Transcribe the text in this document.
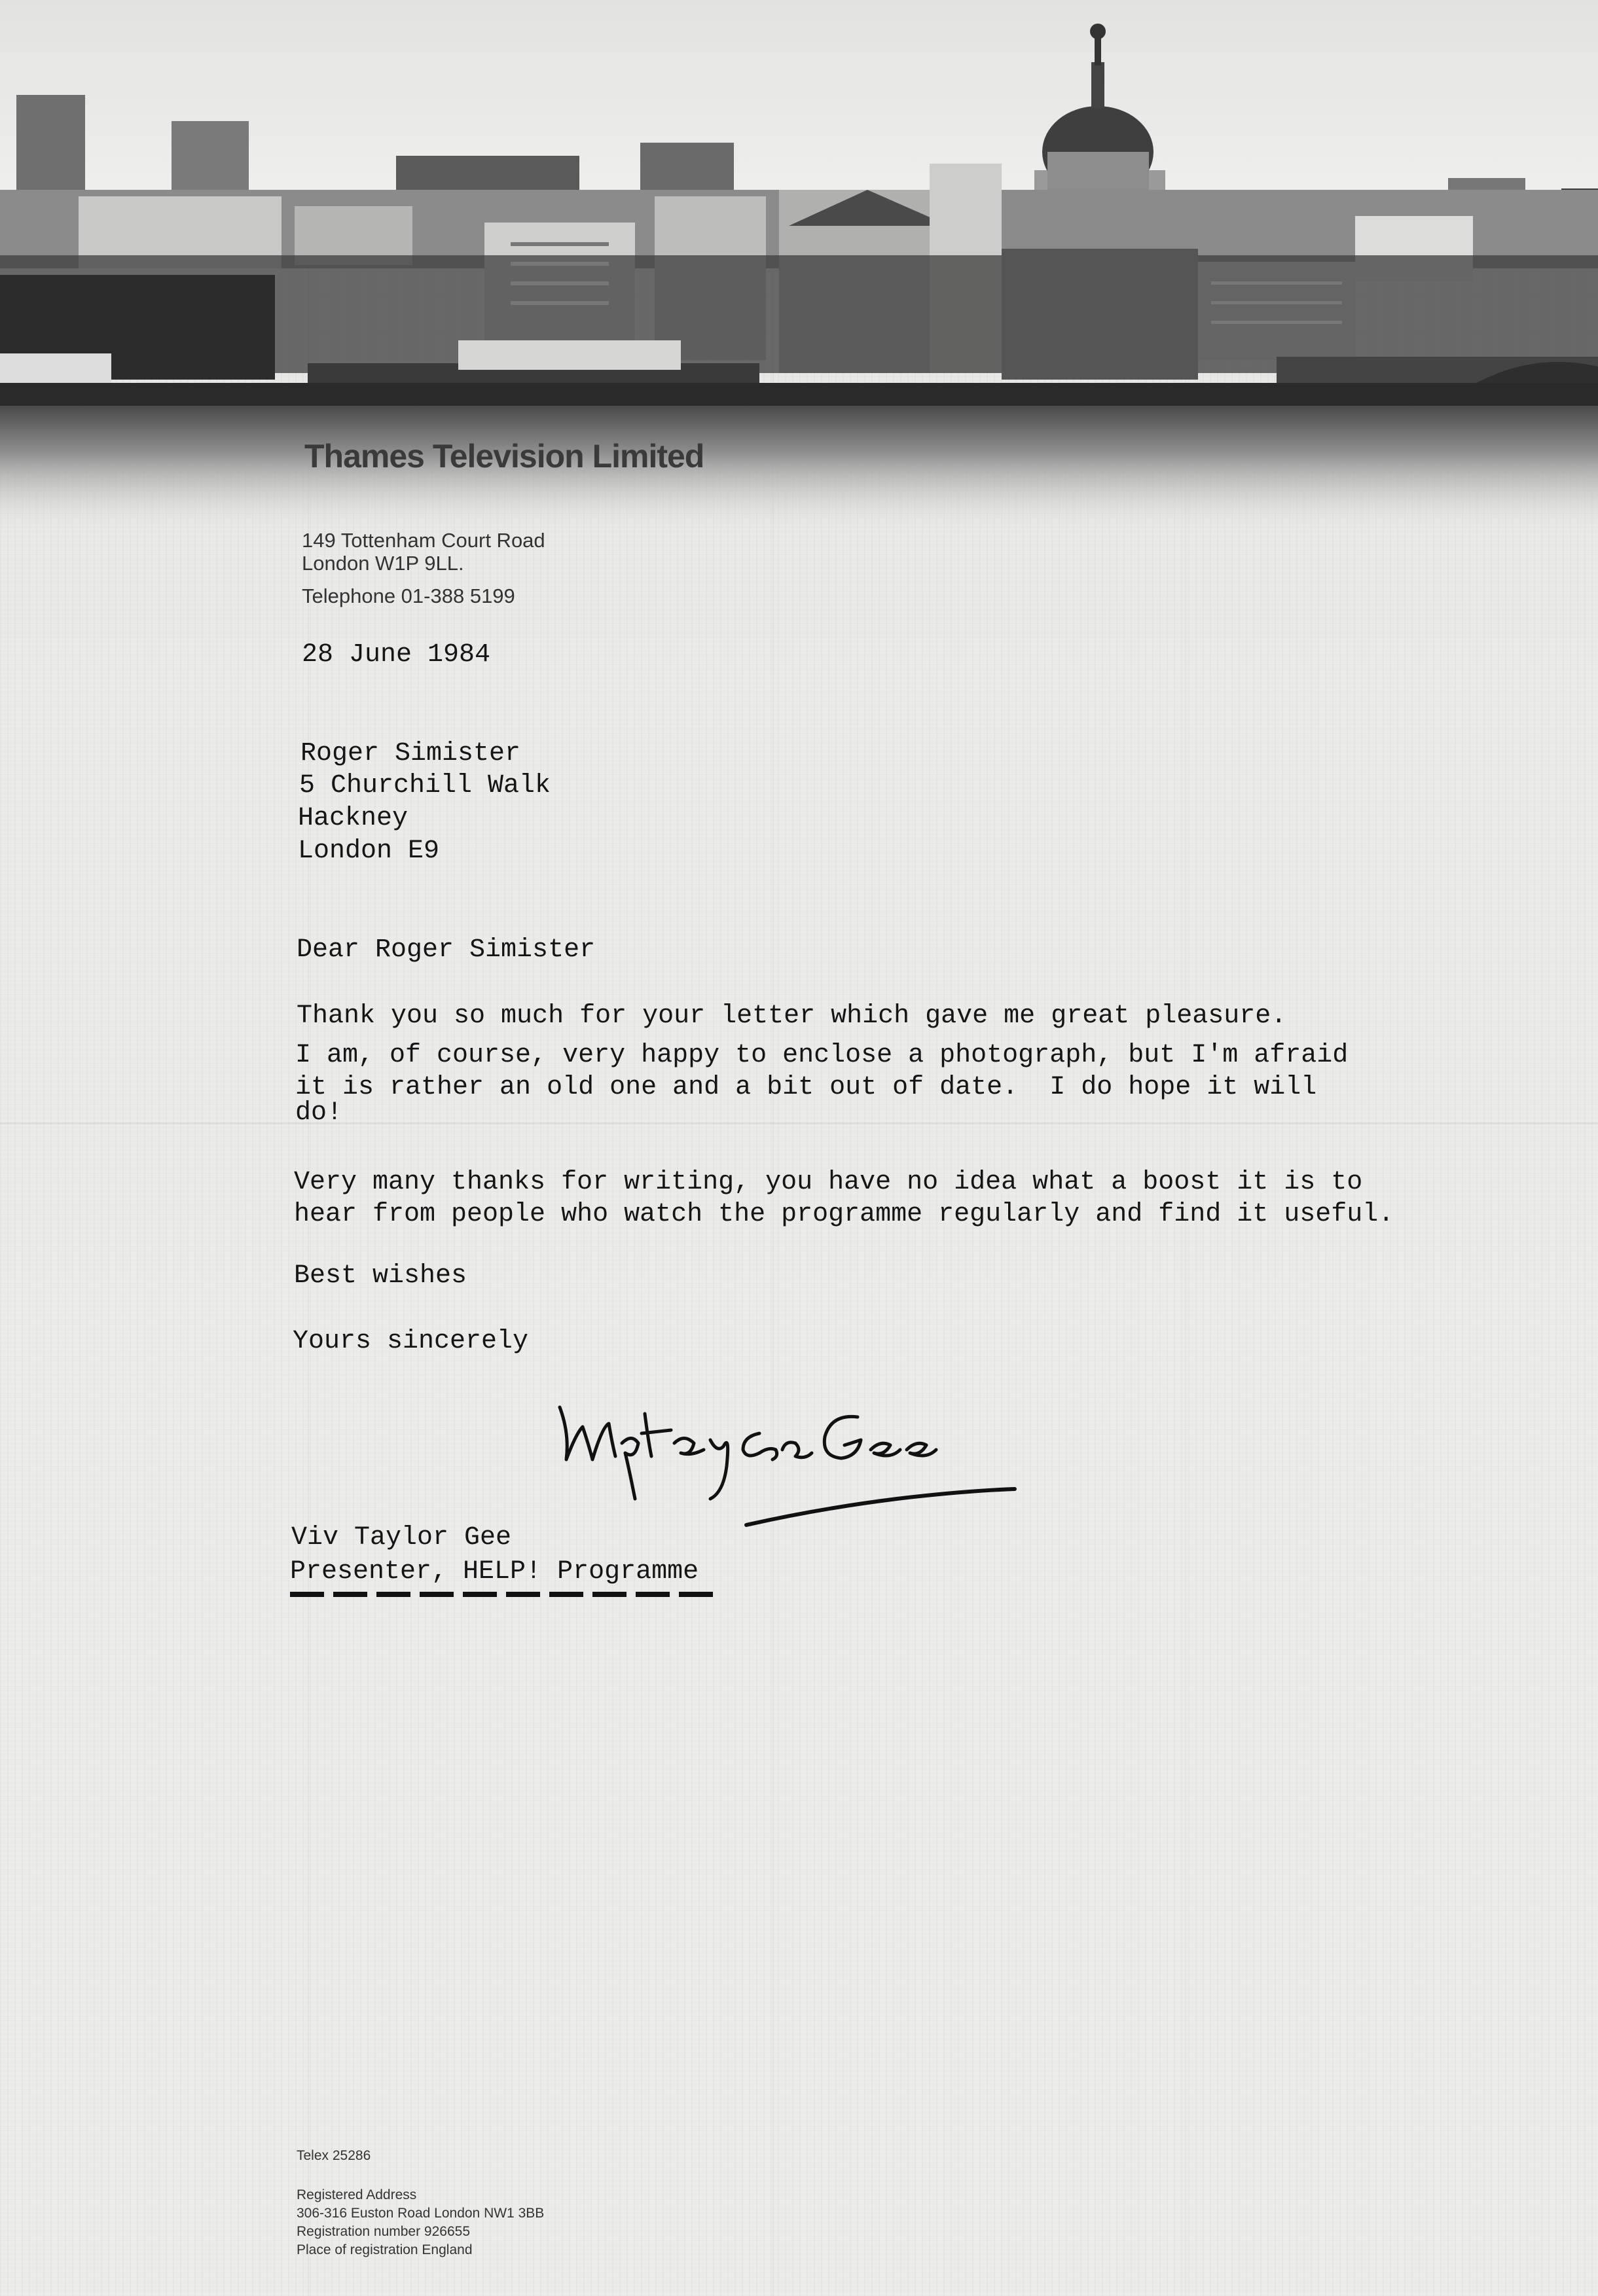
Thames Television Limited
149 Tottenham Court Road
London W1P 9LL.
Telephone 01-388 5199
28 June 1984
Roger Simister
5 Churchill Walk
Hackney
London E9
Dear Roger Simister
Thank you so much for your letter which gave me great pleasure.
I am, of course, very happy to enclose a photograph, but I'm afraid
it is rather an old one and a bit out of date.  I do hope it will
do!
Very many thanks for writing, you have no idea what a boost it is to
hear from people who watch the programme regularly and find it useful.
Best wishes
Yours sincerely
Viv Taylor Gee
Presenter, HELP! Programme
Telex 25286
Registered Address
306-316 Euston Road London NW1 3BB
Registration number 926655
Place of registration England
